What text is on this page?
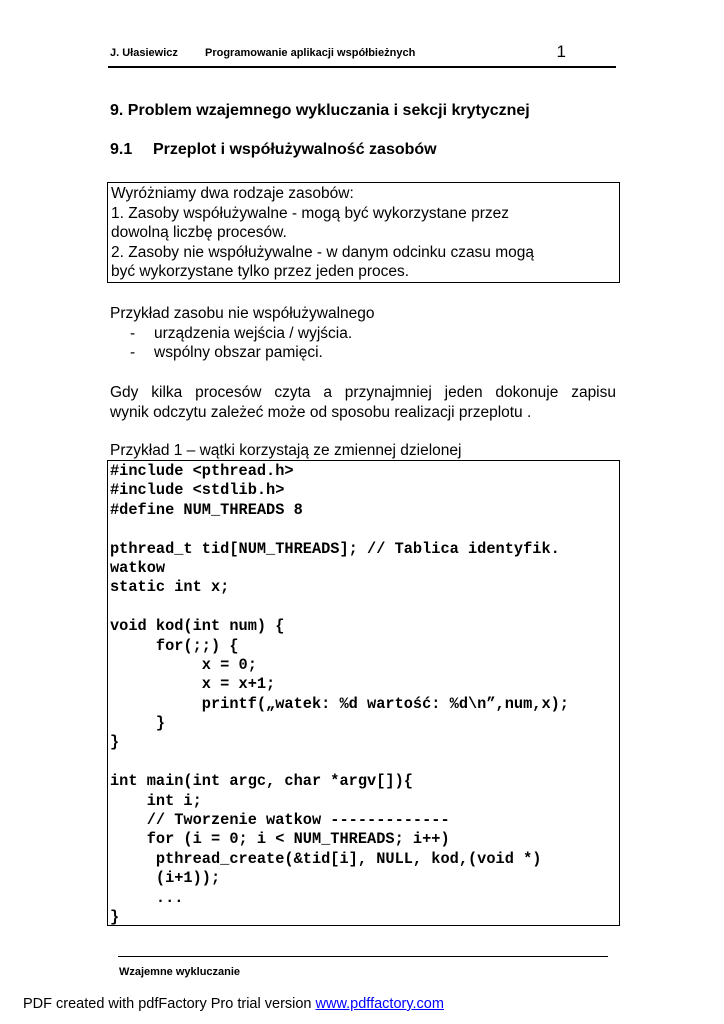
J. Ułasiewicz Programowanie aplikacji współbieżnych	1
9. Problem wzajemnego wykluczania i sekcji krytycznej
9.1 Przeplot i współużywalność zasobów
Wyróżniamy dwa rodzaje zasobów:
1. Zasoby współużywalne - mogą być wykorzystane przez
dowolną liczbę procesów.
2. Zasoby nie współużywalne - w danym odcinku czasu mogą
być wykorzystane tylko przez jeden proces.
Przykład zasobu nie współużywalnego
- urządzenia wejścia / wyjścia.
- wspólny obszar pamięci.
Gdy kilka procesów czyta a przynajmniej jeden dokonuje zapisu
wynik odczytu zależeć może od sposobu realizacji przeplotu .
Przykład 1 – wątki korzystają ze zmiennej dzielonej
#include <pthread.h>
#include <stdlib.h>
#define NUM_THREADS 8
pthread_t tid[NUM_THREADS]; // Tablica identyfik.
watkow
static int x;
void kod(int num) {
for(;;) {
x = 0;
x = x+1;
printf(„watek: %d wartość: %d\n”,num,x);
}
}
int main(int argc, char *argv[]){
int i;
// Tworzenie watkow -------------
for (i = 0; i < NUM_THREADS; i++)
pthread_create(&tid[i], NULL, kod,(void *)
(i+1));
...
}
Wzajemne wykluczanie
PDF created with pdfFactory Pro trial version www.pdffactory.com
